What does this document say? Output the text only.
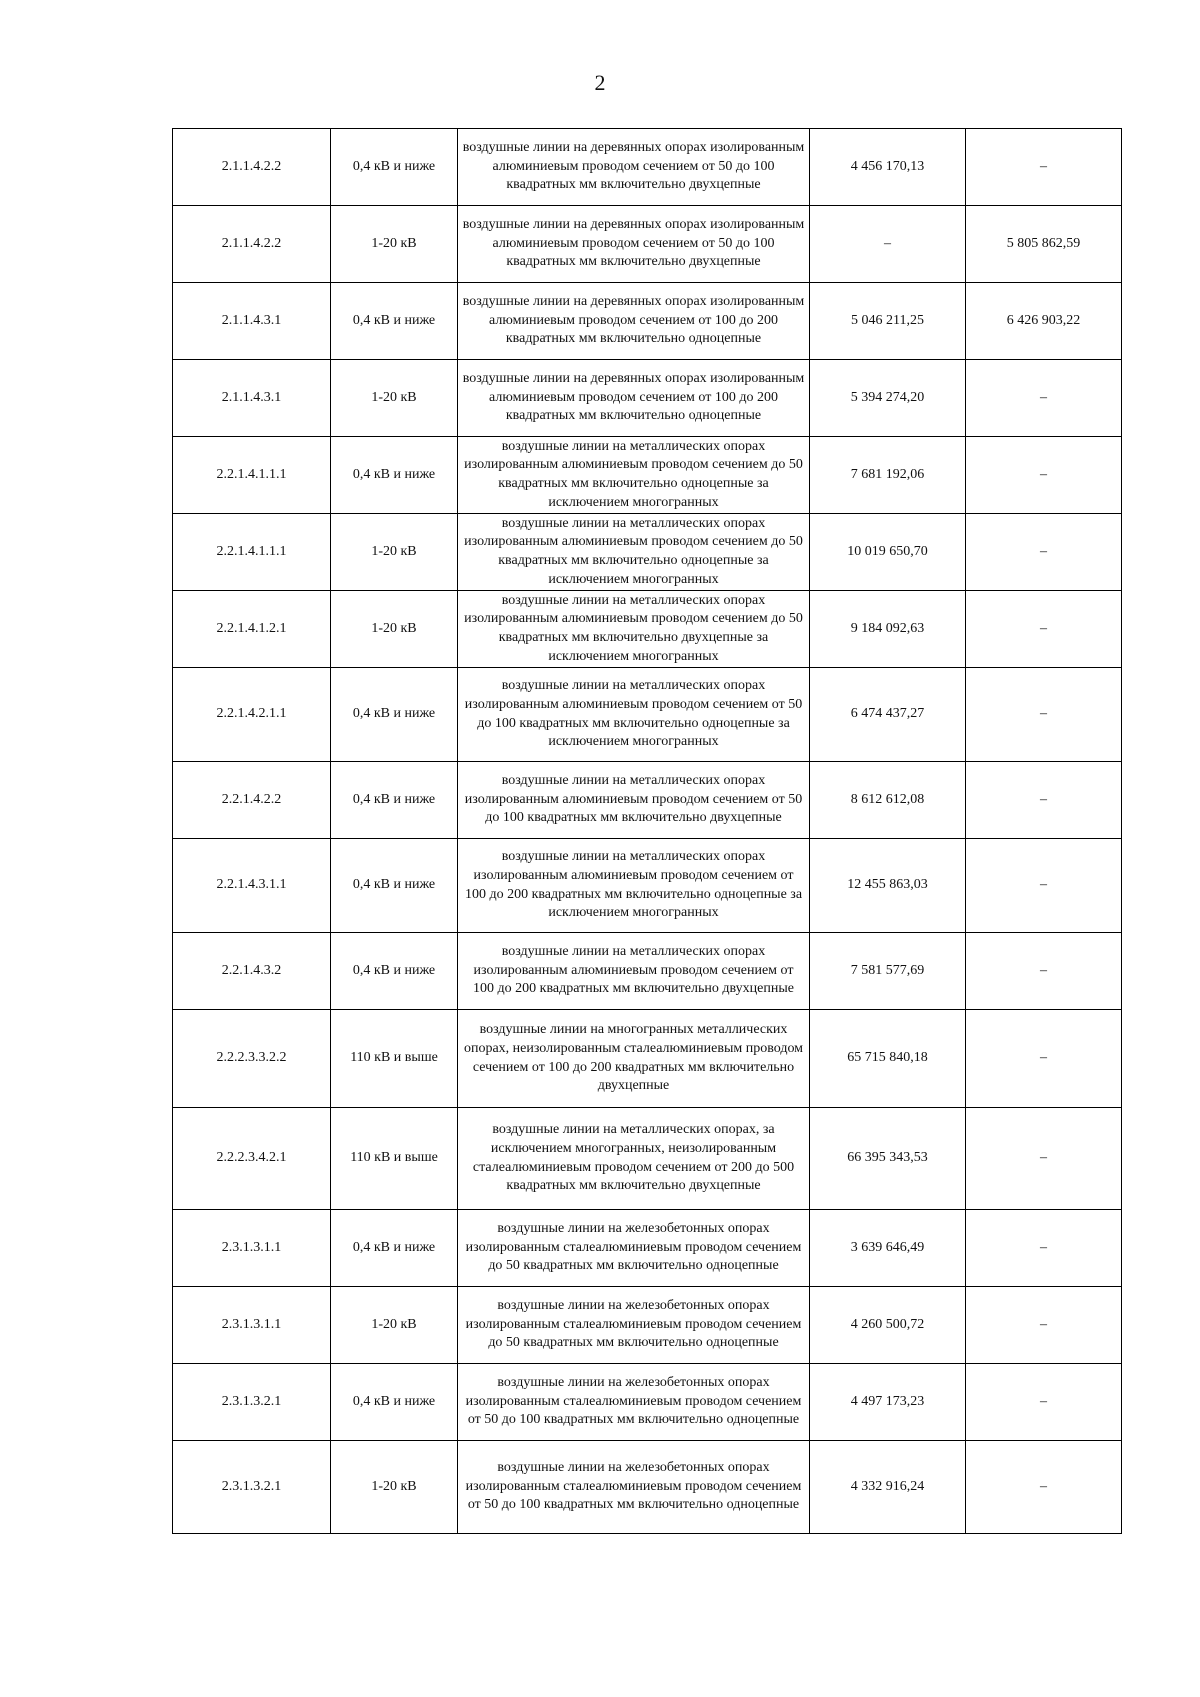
2
2.1.1.4.2.2	0,4 кВ и ниже	воздушные линии на деревянных опорах изолированным алюминиевым проводом сечением от 50 до 100 квадратных мм включительно двухцепные	4 456 170,13	–
2.1.1.4.2.2	1-20 кВ	воздушные линии на деревянных опорах изолированным алюминиевым проводом сечением от 50 до 100 квадратных мм включительно двухцепные	–	5 805 862,59
2.1.1.4.3.1	0,4 кВ и ниже	воздушные линии на деревянных опорах изолированным алюминиевым проводом сечением от 100 до 200 квадратных мм включительно одноцепные	5 046 211,25	6 426 903,22
2.1.1.4.3.1	1-20 кВ	воздушные линии на деревянных опорах изолированным алюминиевым проводом сечением от 100 до 200 квадратных мм включительно одноцепные	5 394 274,20	–
2.2.1.4.1.1.1	0,4 кВ и ниже	воздушные линии на металлических опорах изолированным алюминиевым проводом сечением до 50 квадратных мм включительно одноцепные за исключением многогранных	7 681 192,06	–
2.2.1.4.1.1.1	1-20 кВ	воздушные линии на металлических опорах изолированным алюминиевым проводом сечением до 50 квадратных мм включительно одноцепные за исключением многогранных	10 019 650,70	–
2.2.1.4.1.2.1	1-20 кВ	воздушные линии на металлических опорах изолированным алюминиевым проводом сечением до 50 квадратных мм включительно двухцепные за исключением многогранных	9 184 092,63	–
2.2.1.4.2.1.1	0,4 кВ и ниже	воздушные линии на металлических опорах изолированным алюминиевым проводом сечением от 50 до 100 квадратных мм включительно одноцепные за исключением многогранных	6 474 437,27	–
2.2.1.4.2.2	0,4 кВ и ниже	воздушные линии на металлических опорах изолированным алюминиевым проводом сечением от 50 до 100 квадратных мм включительно двухцепные	8 612 612,08	–
2.2.1.4.3.1.1	0,4 кВ и ниже	воздушные линии на металлических опорах изолированным алюминиевым проводом сечением от 100 до 200 квадратных мм включительно одноцепные за исключением многогранных	12 455 863,03	–
2.2.1.4.3.2	0,4 кВ и ниже	воздушные линии на металлических опорах изолированным алюминиевым проводом сечением от 100 до 200 квадратных мм включительно двухцепные	7 581 577,69	–
2.2.2.3.3.2.2	110 кВ и выше	воздушные линии на многогранных металлических опорах, неизолированным сталеалюминиевым проводом сечением от 100 до 200 квадратных мм включительно двухцепные	65 715 840,18	–
2.2.2.3.4.2.1	110 кВ и выше	воздушные линии на металлических опорах, за исключением многогранных, неизолированным сталеалюминиевым проводом сечением от 200 до 500 квадратных мм включительно двухцепные	66 395 343,53	–
2.3.1.3.1.1	0,4 кВ и ниже	воздушные линии на железобетонных опорах изолированным сталеалюминиевым проводом сечением до 50 квадратных мм включительно одноцепные	3 639 646,49	–
2.3.1.3.1.1	1-20 кВ	воздушные линии на железобетонных опорах изолированным сталеалюминиевым проводом сечением до 50 квадратных мм включительно одноцепные	4 260 500,72	–
2.3.1.3.2.1	0,4 кВ и ниже	воздушные линии на железобетонных опорах изолированным сталеалюминиевым проводом сечением от 50 до 100 квадратных мм включительно одноцепные	4 497 173,23	–
2.3.1.3.2.1	1-20 кВ	воздушные линии на железобетонных опорах изолированным сталеалюминиевым проводом сечением от 50 до 100 квадратных мм включительно одноцепные	4 332 916,24	–
